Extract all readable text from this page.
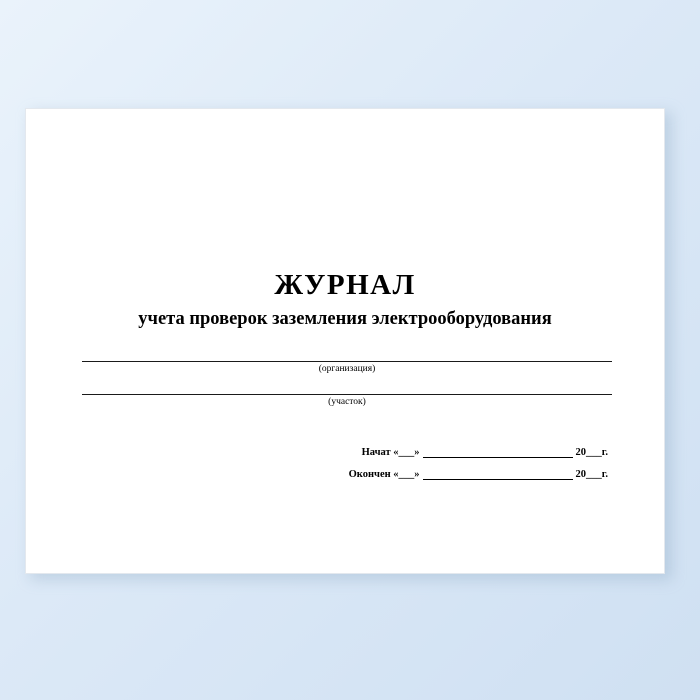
ЖУРНАЛ
учета проверок заземления электрооборудования
(организация)
(участок)
Начат «___»	20___г.
Окончен «___»	20___г.
